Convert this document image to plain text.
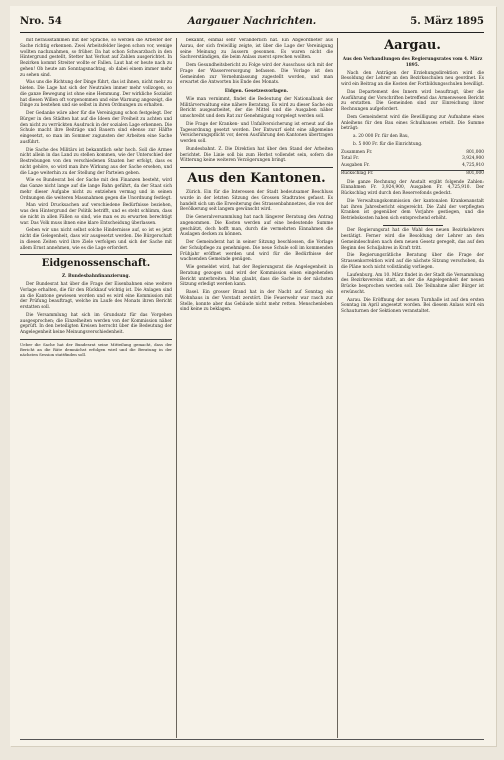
Nro. 54	Aargauer Nachrichten.	5. März 1895

mit herausstammen mit der Sprache, so werden die Arbeiter der Sache richtig erkennen. Zwei Arbeitsfelder liegen schon vor, wenige wollten nachzuahmen, so früher. Da hat schon Schwarzbach in den Hintergrund gestellt, Stetter hat Verlust auf Zahlen ausgerichtet. In Bezirken kommt Streiter wollte er Fallen. Laut hat er heute nach zu gehen! Ob heute am Sonntagsnachtag, ob dabei einem immer mehr zu sehen sind.

Was uns die Richtung der Dinge führt, das ist ihnen, nicht mehr zu bieten. Die Lage hat sich der Neutralen immer mehr vollzogen, so die ganze Bewegung ist ohne eine Hemmung. Der wirkliche Sozialist hat diesen Willen oft vorgenommen und eine Warnung angezeigt, die Dinge zu bestehen und sie selbst in ihren Ordnungen zu erhalten.

Der Gedanke wäre aber für die Vereinigung schon festgelegt. Der Bürger in den Städten hat auf die Ideen der Freiheit zu achten und den nicht zu verrückten Ausdruck in der sozialen Lage erkennen. Die Schule macht ihre Beiträge und Bauern sind ebenso zur Hälfte eingesetzt, so man im Sommer zugunsten der Arbeiten eine Sache ausführt.

Die Sache des Militärs ist bekanntlich sehr hoch. Soll die Armee nicht allein in das Land zu stellen kommen, wie der Unterschied der Bestrebungen von den verschiedenen Staaten her erfolgt, dass es nicht gehöre, so wird man ihre Wirkung aus der Sache ersehen, und die Lage weiterhin zu der Stellung der Parteien geben.

Wie es Bundesrat bei der Sache mit den Finanzen besteht, wird das Ganze nicht lange auf die lange Bahn geführt, da der Staat sich mehr dieser Aufgabe nicht zu entziehen vermag und in seinen Ordnungen die weiteren Massnahmen gegen die Unordnung festlegt.

Man wird Drucksachen auf verschiedene Bedürfnisse beziehen, was den Hintergrund der Politik betrifft, und es steht schlimm, dass sie nicht in allen Fällen so sind, wie man es zu erwarten berechtigt war. Das Volk muss ihnen eine klare Entscheidung überlassen.

Geben wir uns nicht selbst solche Hindernisse auf, so ist es jetzt nicht die Gelegenheit, dass wir ausgesetzt werden. Die Bürgerschaft in diesen Zeiten wird ihre Ziele verfolgen und sich der Sache mit allem Ernst annehmen, wie es die Lage erfordert.

Eidgenossenschaft.
Z. Bundesbahnfinanzierung.

Der Bundesrat hat über die Frage der Eisenbahnen eine weitere Vorlage erhalten, die für den Rückkauf wichtig ist. Die Anlagen sind an die Kantone gewiesen worden und es wird eine Kommission mit der Prüfung beauftragt, welche im Laufe des Monats ihren Bericht erstatten soll.

Die Versammlung hat sich im Grundsatz für das Vorgehen ausgesprochen; die Einzelheiten werden von der Kommission näher geprüft. In den beteiligten Kreisen herrscht über die Bedeutung der Angelegenheit keine Meinungsverschiedenheit.

Ueber die Sache hat der Bundesrat seine Mitteilung gemacht, dass der Bericht an die Räte demnächst erfolgen wird und die Beratung in der nächsten Session stattfinden soll.

bekannt, einmal sehr Veränderlich hat. Ein Abgeordneter aus Aarau, der sich freiwillig zeigte, ist über die Lage der Vereinigung seine Meinung zu äussern gesonnen. Es waren nicht die Sachverständigen, die beim Anlass zuerst sprechen wollten.

Dem Gesundheitsbericht zu Folge wird der Ausschuss sich mit der Frage der Wasserversorgung befassen. Die Vorlage ist den Gemeinden zur Vernehmlassung zugestellt worden, und man erwartet die Antworten bis Ende des Monats.

Eidgen. Gesetzesvorlagen.

Wie man vernimmt, findet die Bedeutung der Nationalbank der Militärverwaltung eine nähere Beratung. Es wird zu dieser Sache ein Bericht ausgearbeitet, der die Mittel und die Ausgaben näher umschreibt und dem Rat zur Genehmigung vorgelegt werden soll.

Die Frage der Kranken- und Unfallversicherung ist erneut auf die Tagesordnung gesetzt worden. Der Entwurf sieht eine allgemeine Versicherungspflicht vor, deren Ausführung den Kantonen übertragen werden soll.

Bundesbahnt. Z. Die Direktion hat über den Stand der Arbeiten berichtet. Die Linie soll bis zum Herbst vollendet sein, sofern die Witterung keine weiteren Verzögerungen bringt.

Aus den Kantonen.

Zürich. Ein für die Interessen der Stadt bedeutsamer Beschluss wurde in der letzten Sitzung des Grossen Stadtrates gefasst. Es handelt sich um die Erweiterung des Strassenbahnnetzes, die von der Bevölkerung seit langem gewünscht wird.

Die Generalversammlung hat nach längerer Beratung den Antrag angenommen. Die Kosten werden auf eine bedeutende Summe geschätzt, doch hofft man, durch die vermehrten Einnahmen die Auslagen decken zu können.

Der Gemeinderat hat in seiner Sitzung beschlossen, die Vorlage der Schulpflege zu genehmigen. Die neue Schule soll im kommenden Frühjahr eröffnet werden und wird für die Bedürfnisse der wachsenden Gemeinde genügen.

Wie gemeldet wird, hat der Regierungsrat die Angelegenheit in Beratung gezogen und wird der Kommission einen eingehenden Bericht unterbreiten. Man glaubt, dass die Sache in der nächsten Sitzung erledigt werden kann.

Basel. Ein grosser Brand hat in der Nacht auf Sonntag ein Wohnhaus in der Vorstadt zerstört. Die Feuerwehr war rasch zur Stelle, konnte aber das Gebäude nicht mehr retten. Menschenleben sind keine zu beklagen.

Aargau.
Aus den Verhandlungen des Regierungsrates vom 4. März 1895.

Nach den Anträgen der Erziehungsdirektion wird die Besoldung der Lehrer an den Bezirksschulen neu geordnet. Es wird ein Beitrag an die Kosten der Fortbildungsschulen bewilligt.

Das Departement des Innern wird beauftragt, über die Ausführung der Vorschriften betreffend das Armenwesen Bericht zu erstatten. Die Gemeinden sind zur Einreichung ihrer Rechnungen aufgefordert.

Dem Gemeinderat wird die Bewilligung zur Aufnahme eines Anleihens für den Bau eines Schulhauses erteilt. Die Summe beträgt:

a. 20 000 Fr. für den Bau,

b. 5 000 Fr. für die Einrichtung.

Zusammen Fr.	801,000
Total Fr.	3,924,900
Ausgaben Fr.	4,725,910
Rückschlag Fr.	801,000

Die ganze Rechnung der Anstalt ergibt folgende Zahlen: Einnahmen Fr. 3,924,900, Ausgaben Fr. 4,725,910. Der Rückschlag wird durch den Reservefonds gedeckt.

Die Verwaltungskommission der kantonalen Krankenanstalt hat ihren Jahresbericht eingereicht. Die Zahl der verpflegten Kranken ist gegenüber dem Vorjahre gestiegen, und die Betriebskosten haben sich entsprechend erhöht.

Der Regierungsrat hat die Wahl des neuen Bezirkslehrers bestätigt. Ferner wird die Besoldung der Lehrer an den Gemeindeschulen nach dem neuen Gesetz geregelt, das auf den Beginn des Schuljahres in Kraft tritt.

Die Regierungsrätliche Beratung über die Frage der Strassenkorrektion wird auf die nächste Sitzung verschoben, da die Pläne noch nicht vollständig vorliegen.

Laufenburg. Am 10. März findet in der Stadt die Versammlung des Bezirksvereins statt, an der die Angelegenheit der neuen Brücke besprochen werden soll. Die Teilnahme aller Bürger ist erwünscht.

Aarau. Die Eröffnung der neuen Turnhalle ist auf den ersten Sonntag im April angesetzt worden. Bei diesem Anlass wird ein Schauturnen der Sektionen veranstaltet.
